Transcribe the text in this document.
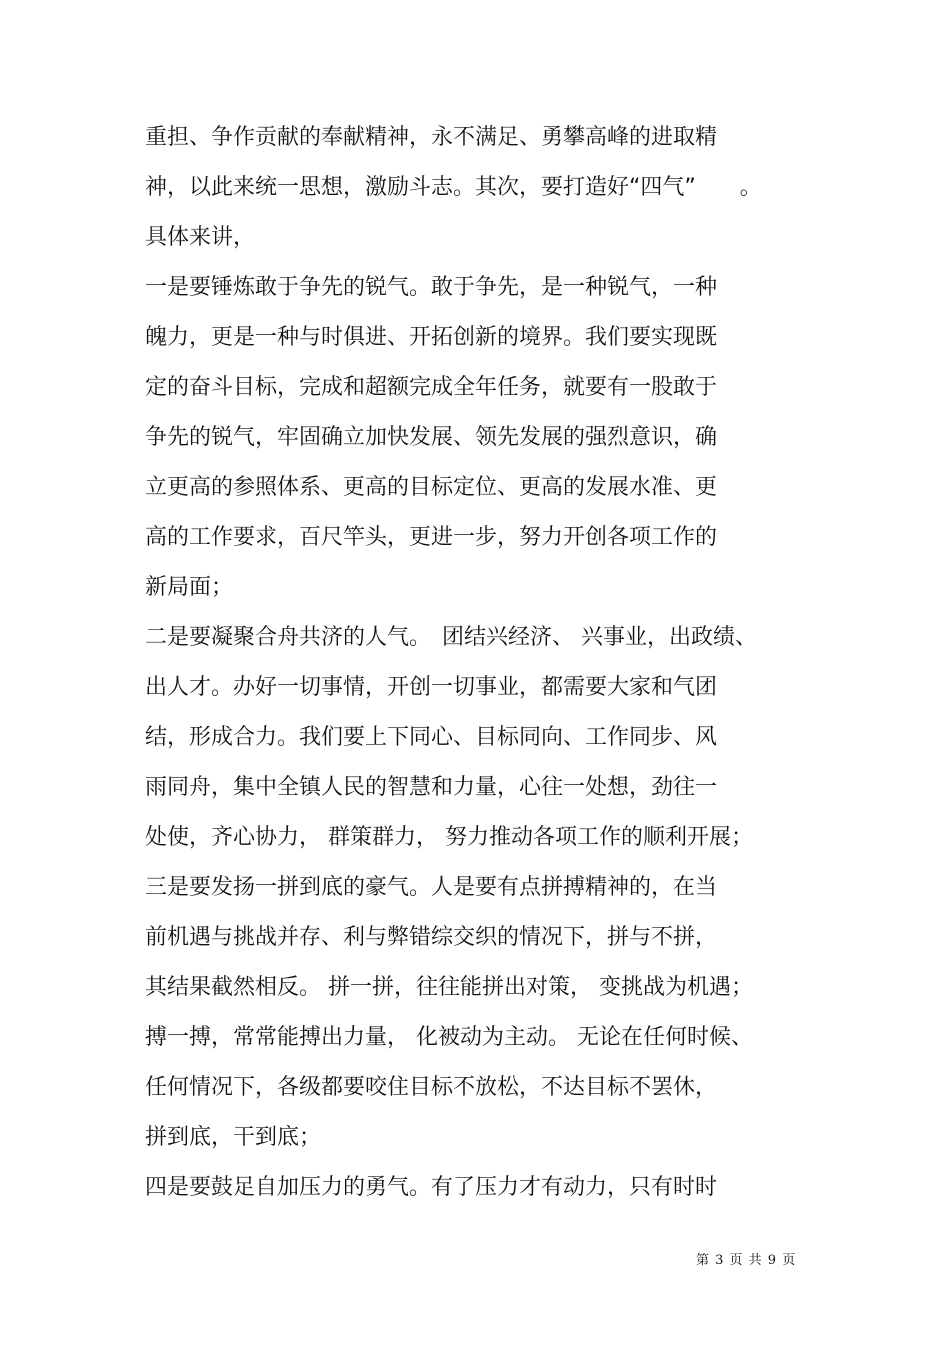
重担、争作贡献的奉献精神，永不满足、勇攀高峰的进取精
神，以此来统一思想，激励斗志。其次，要打造好“四气”　　。
具体来讲，
一是要锤炼敢于争先的锐气。敢于争先，是一种锐气，一种
魄力，更是一种与时俱进、开拓创新的境界。我们要实现既
定的奋斗目标，完成和超额完成全年任务，就要有一股敢于
争先的锐气，牢固确立加快发展、领先发展的强烈意识，确
立更高的参照体系、更高的目标定位、更高的发展水准、更
高的工作要求，百尺竿头，更进一步，努力开创各项工作的
新局面；
二是要凝聚合舟共济的人气。　团结兴经济、 兴事业，出政绩、
出人才。办好一切事情，开创一切事业，都需要大家和气团
结，形成合力。我们要上下同心、目标同向、工作同步、风
雨同舟，集中全镇人民的智慧和力量，心往一处想，劲往一
处使，齐心协力， 群策群力， 努力推动各项工作的顺利开展；
三是要发扬一拼到底的豪气。人是要有点拼搏精神的，在当
前机遇与挑战并存、利与弊错综交织的情况下，拼与不拼，
其结果截然相反。 拼一拼，往往能拼出对策， 变挑战为机遇；
搏一搏，常常能搏出力量， 化被动为主动。 无论在任何时候、
任何情况下，各级都要咬住目标不放松，不达目标不罢休，
拼到底，干到底；
四是要鼓足自加压力的勇气。有了压力才有动力，只有时时
第 3 页 共 9 页
